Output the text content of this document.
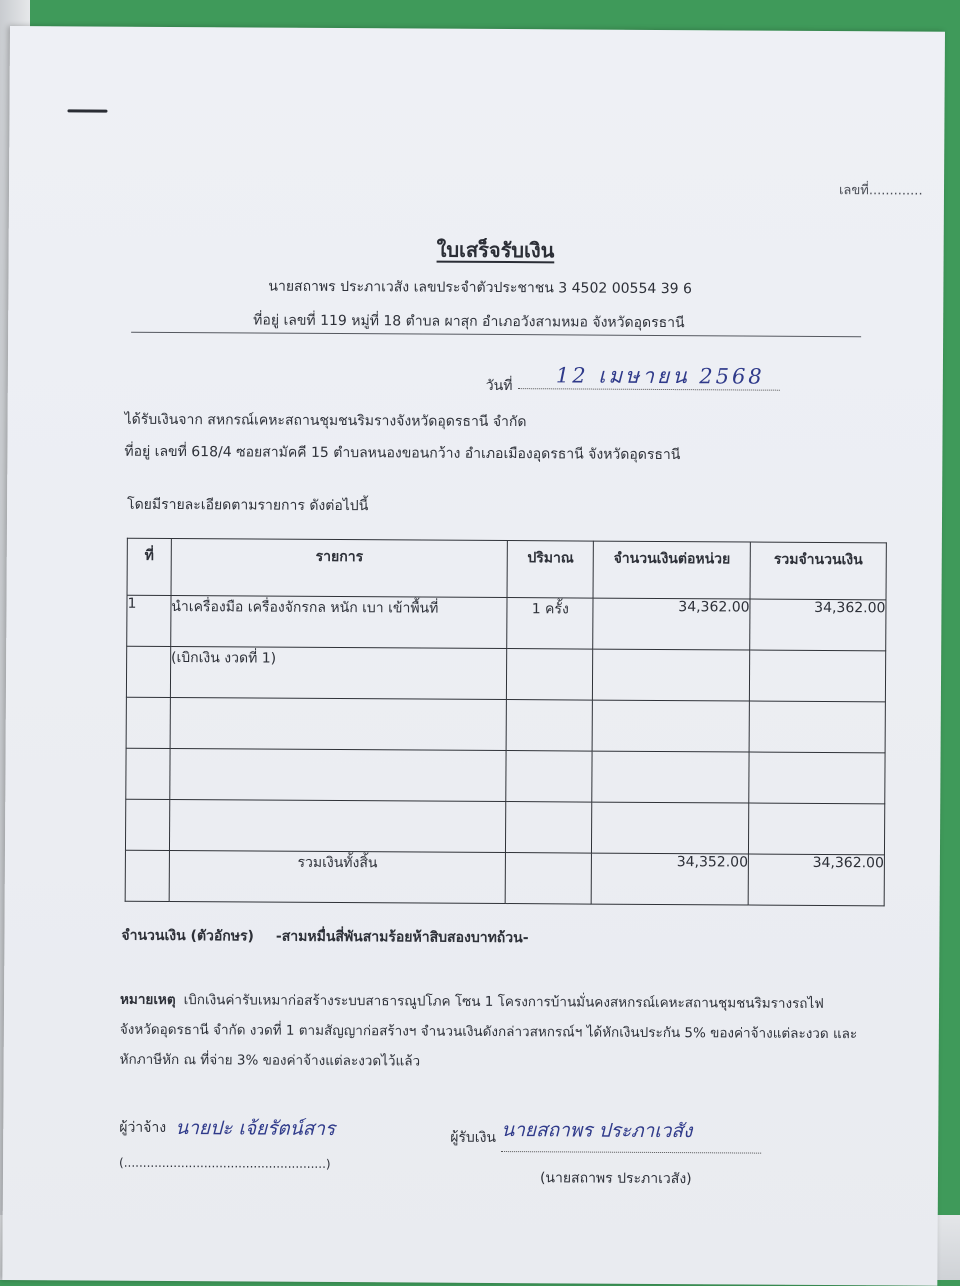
เลขที่.............
ใบเสร็จรับเงิน
นายสถาพร ประภาเวสัง เลขประจำตัวประชาชน 3 4502 00554 39 6
ที่อยู่ เลขที่ 119 หมู่ที่ 18 ตำบล ผาสุก อำเภอวังสามหมอ จังหวัดอุดรธานี
วันที่ 12 เมษายน 2568
ได้รับเงินจาก สหกรณ์เคหะสถานชุมชนริมรางจังหวัดอุดรธานี จำกัด
ที่อยู่ เลขที่ 618/4 ซอยสามัคคี 15 ตำบลหนองขอนกว้าง อำเภอเมืองอุดรธานี จังหวัดอุดรธานี
โดยมีรายละเอียดตามรายการ ดังต่อไปนี้
ที่	รายการ	ปริมาณ	จำนวนเงินต่อหน่วย	รวมจำนวนเงิน
1	นำเครื่องมือ เครื่องจักรกล หนัก เบา เข้าพื้นที่	1 ครั้ง	34,362.00	34,362.00
	(เบิกเงิน งวดที่ 1)			

	รวมเงินทั้งสิ้น		34,352.00	34,362.00
จำนวนเงิน (ตัวอักษร) -สามหมื่นสี่พันสามร้อยห้าสิบสองบาทถ้วน-
หมายเหตุ เบิกเงินค่ารับเหมาก่อสร้างระบบสาธารณูปโภค โซน 1 โครงการบ้านมั่นคงสหกรณ์เคหะสถานชุมชนริมรางรถไฟจังหวัดอุดรธานี จำกัด งวดที่ 1 ตามสัญญาก่อสร้างฯ จำนวนเงินดังกล่าวสหกรณ์ฯ ได้หักเงินประกัน 5% ของค่าจ้างแต่ละงวด และหักภาษีหัก ณ ที่จ่าย 3% ของค่าจ้างแต่ละงวดไว้แล้ว
ผู้ว่าจ้าง นายปะ เจ้ยรัตน์สาร
(.....................................................)
ผู้รับเงิน นายสถาพร ประภาเวสัง
(นายสถาพร ประภาเวสัง)
